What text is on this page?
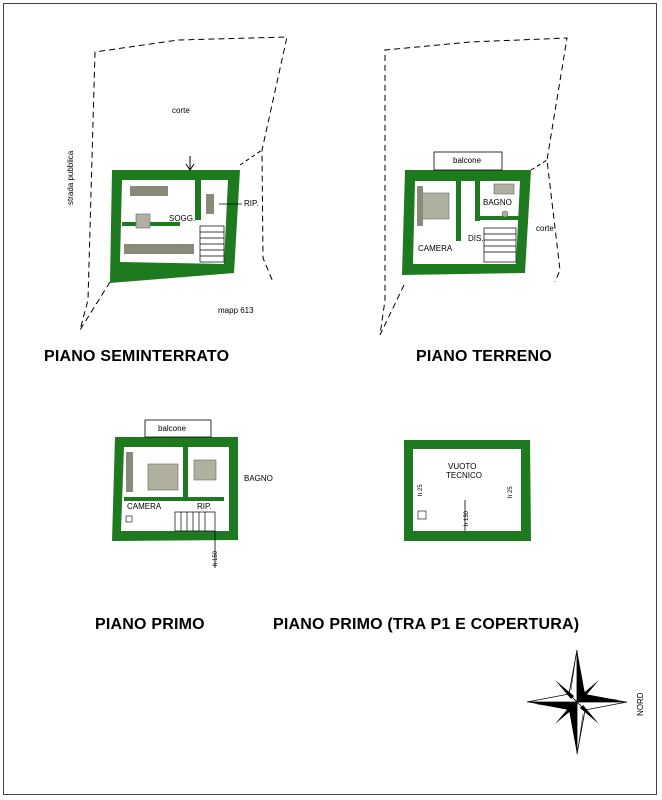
corte
strada pubblica
mapp 613
SOGG.
RIP.
balcone
BAGNO
CAMERA
DIS.
corte
balcone
BAGNO
CAMERA	RIP.
h 150
VUOTO
TECNICO
h 25	h 25
h 130
NORD
PIANO SEMINTERRATO	PIANO TERRENO
PIANO PRIMO	PIANO PRIMO (TRA P1 E COPERTURA)
